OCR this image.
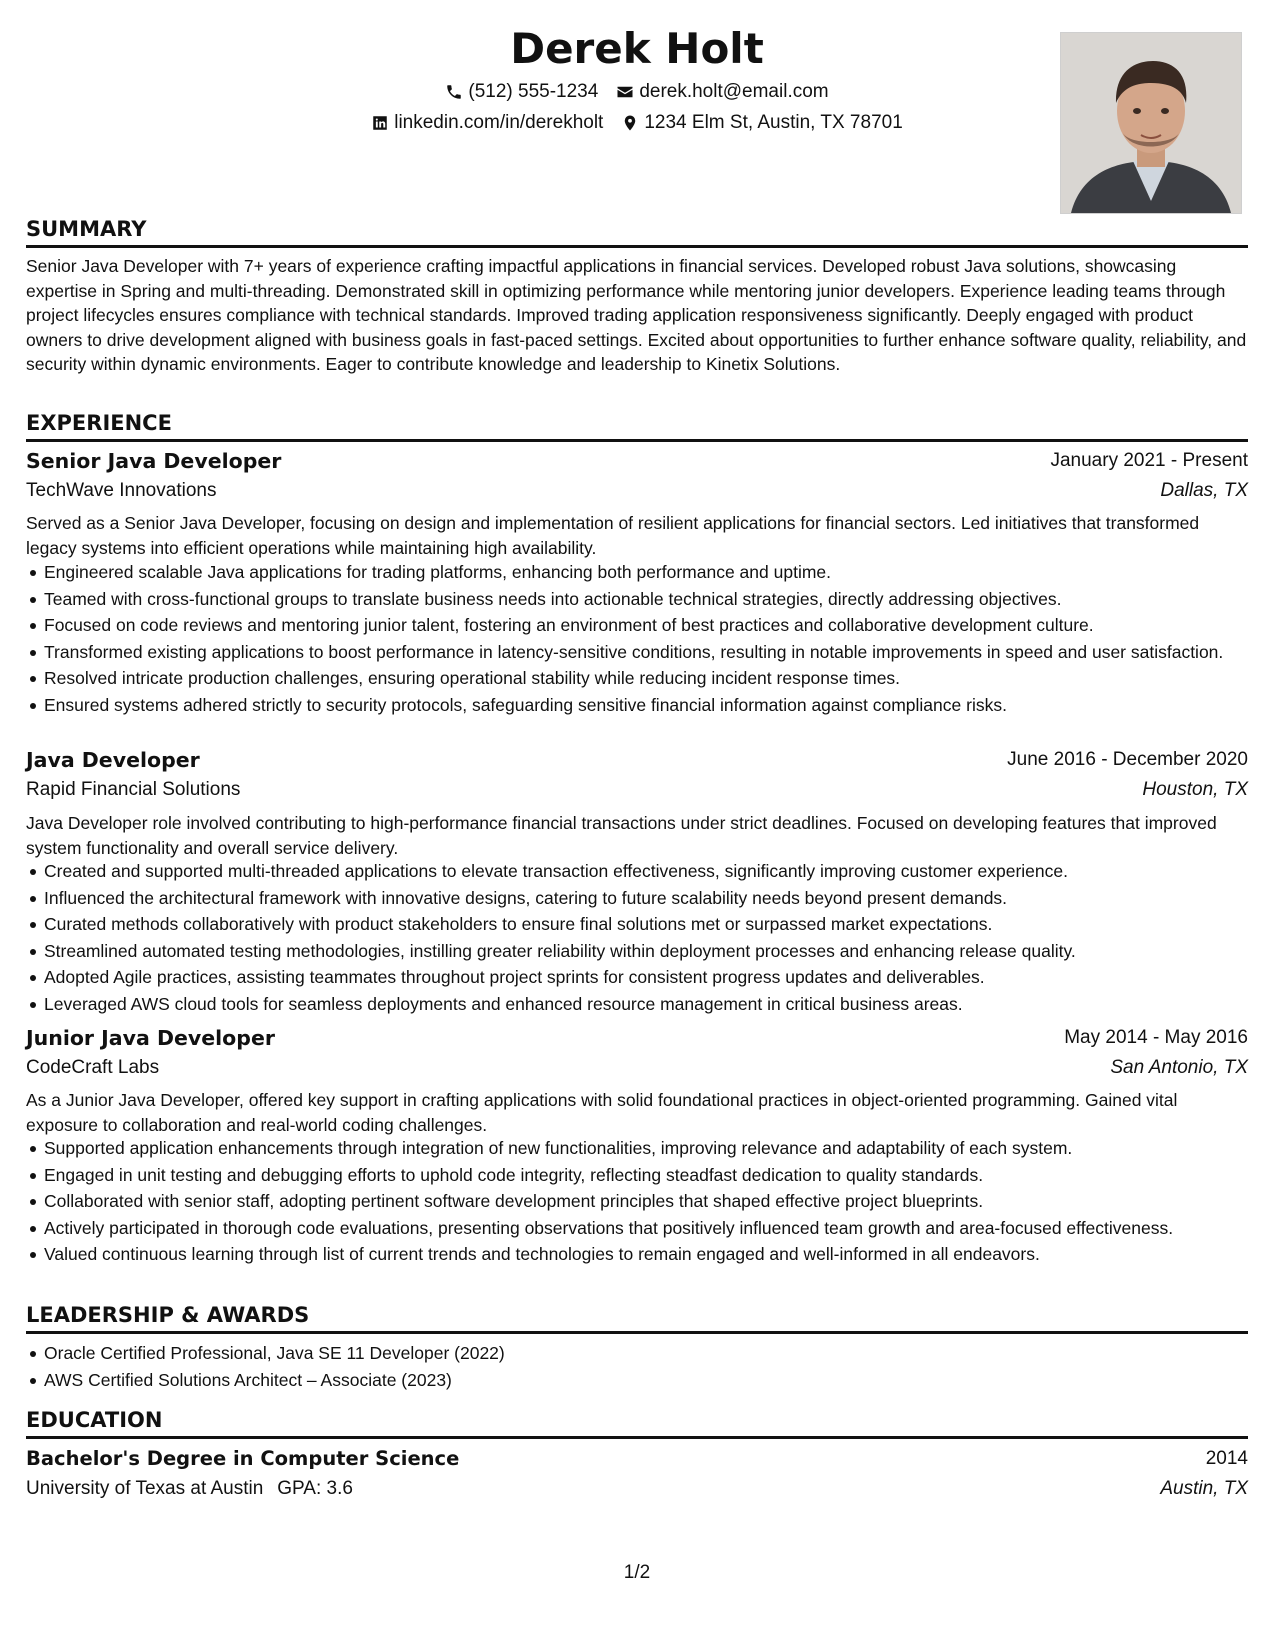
Derek Holt
(512) 555-1234 derek.holt@email.com
linkedin.com/in/derekholt 1234 Elm St, Austin, TX 78701
SUMMARY
Senior Java Developer with 7+ years of experience crafting impactful applications in financial services. Developed robust Java solutions, showcasing expertise in Spring and multi-threading. Demonstrated skill in optimizing performance while mentoring junior developers. Experience leading teams through project lifecycles ensures compliance with technical standards. Improved trading application responsiveness significantly. Deeply engaged with product owners to drive development aligned with business goals in fast-paced settings. Excited about opportunities to further enhance software quality, reliability, and security within dynamic environments. Eager to contribute knowledge and leadership to Kinetix Solutions.
EXPERIENCE
Senior Java Developer	January 2021 - Present
TechWave Innovations	Dallas, TX
Served as a Senior Java Developer, focusing on design and implementation of resilient applications for financial sectors. Led initiatives that transformed legacy systems into efficient operations while maintaining high availability.
Engineered scalable Java applications for trading platforms, enhancing both performance and uptime.
Teamed with cross-functional groups to translate business needs into actionable technical strategies, directly addressing objectives.
Focused on code reviews and mentoring junior talent, fostering an environment of best practices and collaborative development culture.
Transformed existing applications to boost performance in latency-sensitive conditions, resulting in notable improvements in speed and user satisfaction.
Resolved intricate production challenges, ensuring operational stability while reducing incident response times.
Ensured systems adhered strictly to security protocols, safeguarding sensitive financial information against compliance risks.
Java Developer	June 2016 - December 2020
Rapid Financial Solutions	Houston, TX
Java Developer role involved contributing to high-performance financial transactions under strict deadlines. Focused on developing features that improved system functionality and overall service delivery.
Created and supported multi-threaded applications to elevate transaction effectiveness, significantly improving customer experience.
Influenced the architectural framework with innovative designs, catering to future scalability needs beyond present demands.
Curated methods collaboratively with product stakeholders to ensure final solutions met or surpassed market expectations.
Streamlined automated testing methodologies, instilling greater reliability within deployment processes and enhancing release quality.
Adopted Agile practices, assisting teammates throughout project sprints for consistent progress updates and deliverables.
Leveraged AWS cloud tools for seamless deployments and enhanced resource management in critical business areas.
Junior Java Developer	May 2014 - May 2016
CodeCraft Labs	San Antonio, TX
As a Junior Java Developer, offered key support in crafting applications with solid foundational practices in object-oriented programming. Gained vital exposure to collaboration and real-world coding challenges.
Supported application enhancements through integration of new functionalities, improving relevance and adaptability of each system.
Engaged in unit testing and debugging efforts to uphold code integrity, reflecting steadfast dedication to quality standards.
Collaborated with senior staff, adopting pertinent software development principles that shaped effective project blueprints.
Actively participated in thorough code evaluations, presenting observations that positively influenced team growth and area-focused effectiveness.
Valued continuous learning through list of current trends and technologies to remain engaged and well-informed in all endeavors.
LEADERSHIP & AWARDS
Oracle Certified Professional, Java SE 11 Developer (2022)
AWS Certified Solutions Architect – Associate (2023)
EDUCATION
Bachelor's Degree in Computer Science	2014
University of Texas at Austin GPA: 3.6	Austin, TX
1/2
